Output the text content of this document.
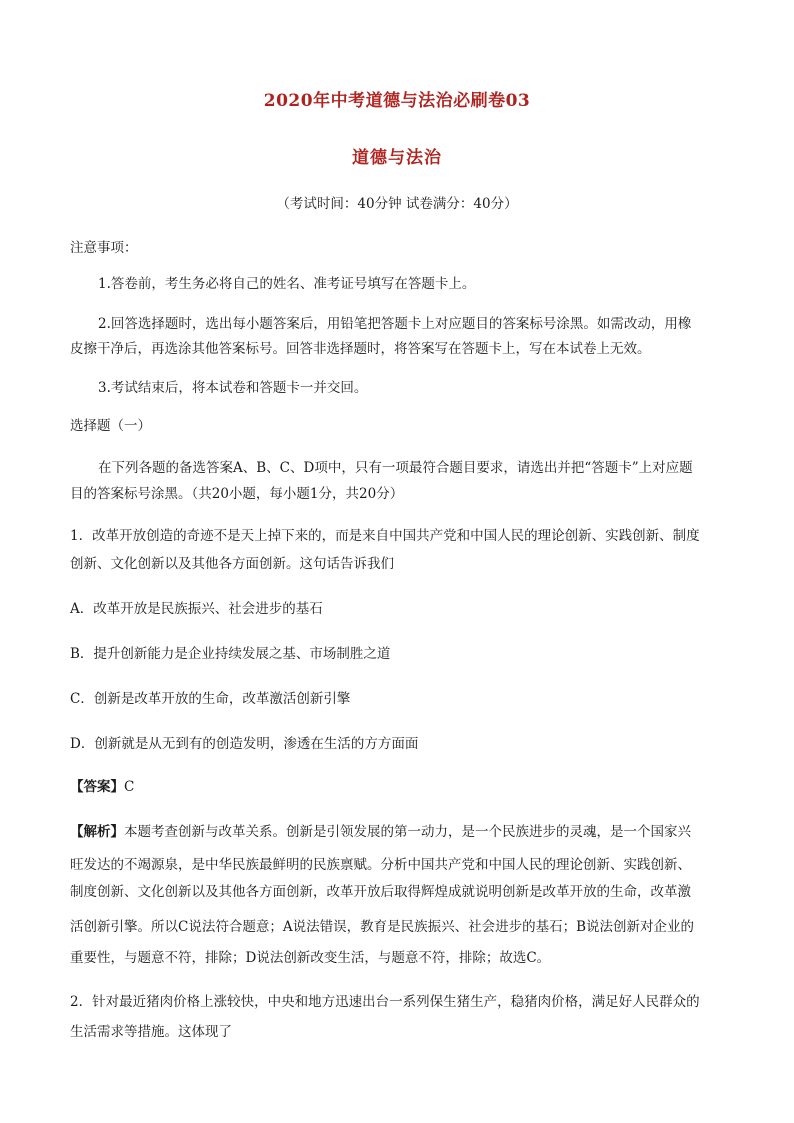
2020年中考道德与法治必刷卷03
道德与法治
（考试时间：40分钟 试卷满分：40分）
注意事项：
1.答卷前，考生务必将自己的姓名、准考证号填写在答题卡上。
2.回答选择题时，选出每小题答案后，用铅笔把答题卡上对应题目的答案标号涂黑。如需改动，用橡
皮擦干净后，再选涂其他答案标号。回答非选择题时，将答案写在答题卡上，写在本试卷上无效。
3.考试结束后，将本试卷和答题卡一并交回。
选择题（一）
在下列各题的备选答案A、B、C、D项中，只有一项最符合题目要求，请选出并把“答题卡”上对应题
目的答案标号涂黑。（共20小题，每小题1分，共20分）
1．改革开放创造的奇迹不是天上掉下来的，而是来自中国共产党和中国人民的理论创新、实践创新、制度
创新、文化创新以及其他各方面创新。这句话告诉我们
A．改革开放是民族振兴、社会进步的基石
B．提升创新能力是企业持续发展之基、市场制胜之道
C．创新是改革开放的生命，改革激活创新引擎
D．创新就是从无到有的创造发明，渗透在生活的方方面面
【答案】C
【解析】本题考查创新与改革关系。创新是引领发展的第一动力，是一个民族进步的灵魂，是一个国家兴
旺发达的不竭源泉，是中华民族最鲜明的民族禀赋。分析中国共产党和中国人民的理论创新、实践创新、
制度创新、文化创新以及其他各方面创新，改革开放后取得辉煌成就说明创新是改革开放的生命，改革激
活创新引擎。所以C说法符合题意；A说法错误，教育是民族振兴、社会进步的基石；B说法创新对企业的
重要性，与题意不符，排除；D说法创新改变生活，与题意不符，排除；故选C。
2．针对最近猪肉价格上涨较快，中央和地方迅速出台一系列保生猪生产，稳猪肉价格，满足好人民群众的
生活需求等措施。这体现了
